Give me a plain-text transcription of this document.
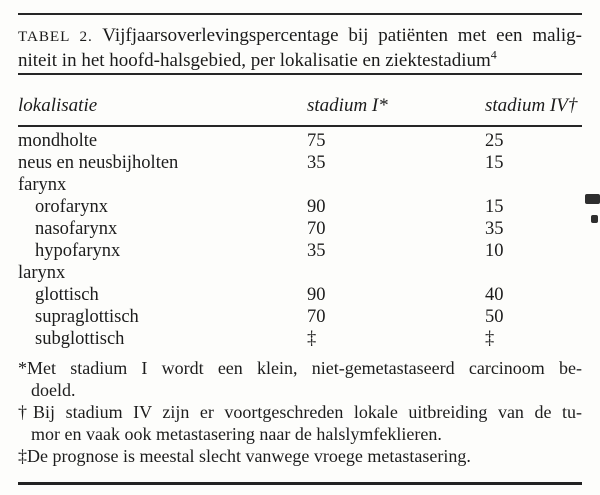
TABEL 2. Vijfjaarsoverlevingspercentage bij patiënten met een malig-
niteit in het hoofd-halsgebied, per lokalisatie en ziektestadium$^4$
lokalisatie	stadium I*	stadium IV†
mondholte	75	25
neus en neusbijholten	35	15
farynx
orofarynx	90	15
nasofarynx	70	35
hypofarynx	35	10
larynx
glottisch	90	40
supraglottisch	70	50
subglottisch	‡	‡
*Met stadium I wordt een klein, niet-gemetastaseerd carcinoom be-
doeld.
†Bij stadium IV zijn er voortgeschreden lokale uitbreiding van de tu-
mor en vaak ook metastasering naar de halslymfeklieren.
‡De prognose is meestal slecht vanwege vroege metastasering.
